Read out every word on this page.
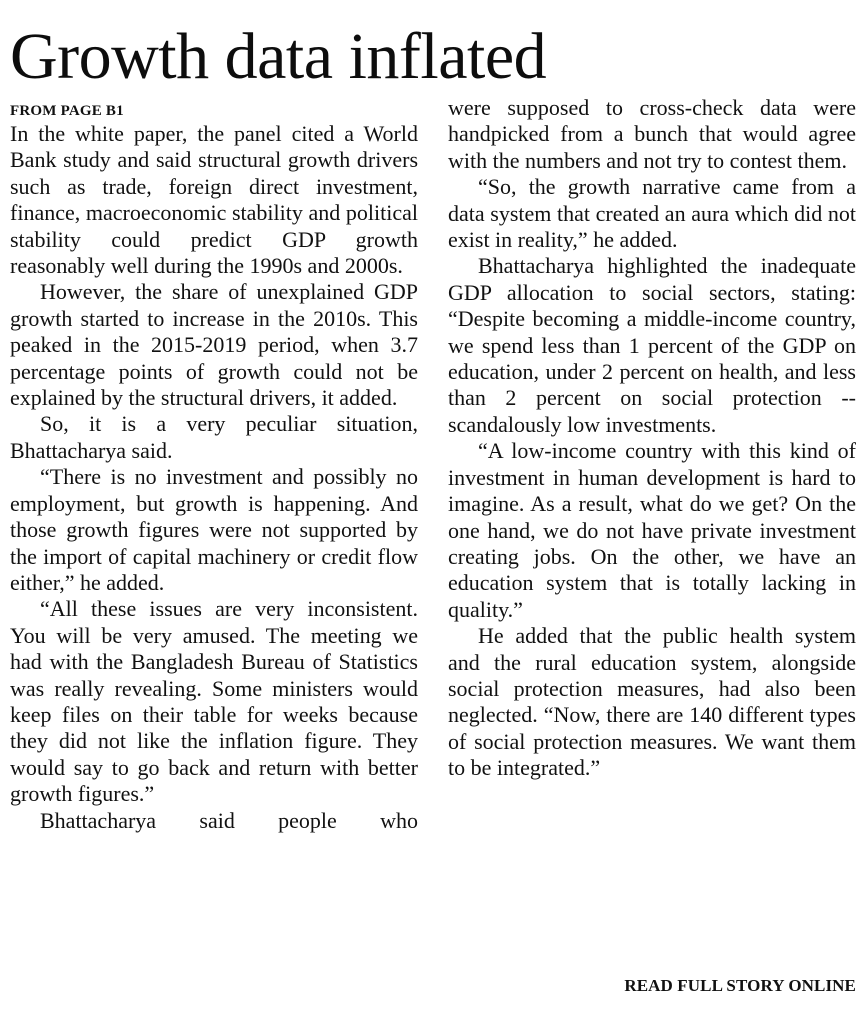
Growth data inflated
FROM PAGE B1

In the white paper, the panel cited a World Bank study and said structural growth drivers such as trade, foreign direct investment, finance, macroeconomic stability and political stability could predict GDP growth reasonably well during the 1990s and 2000s.

However, the share of unexplained GDP growth started to increase in the 2010s. This peaked in the 2015-2019 period, when 3.7 percentage points of growth could not be explained by the structural drivers, it added.

So, it is a very peculiar situation, Bhattacharya said.

“There is no investment and possibly no employment, but growth is happening. And those growth figures were not supported by the import of capital machinery or credit flow either,” he added.

“All these issues are very inconsistent. You will be very amused. The meeting we had with the Bangladesh Bureau of Statistics was really revealing. Some ministers would keep files on their table for weeks because they did not like the inflation figure. They would say to go back and return with better growth figures.”

Bhattacharya said people who

were supposed to cross-check data were handpicked from a bunch that would agree with the numbers and not try to contest them.

“So, the growth narrative came from a data system that created an aura which did not exist in reality,” he added.

Bhattacharya highlighted the inadequate GDP allocation to social sectors, stating: “Despite becoming a middle-income country, we spend less than 1 percent of the GDP on education, under 2 percent on health, and less than 2 percent on social protection -- scandalously low investments.

“A low-income country with this kind of investment in human development is hard to imagine. As a result, what do we get? On the one hand, we do not have private investment creating jobs. On the other, we have an education system that is totally lacking in quality.”

He added that the public health system and the rural education system, alongside social protection measures, had also been neglected. “Now, there are 140 different types of social protection measures. We want them to be integrated.”

READ FULL STORY ONLINE
